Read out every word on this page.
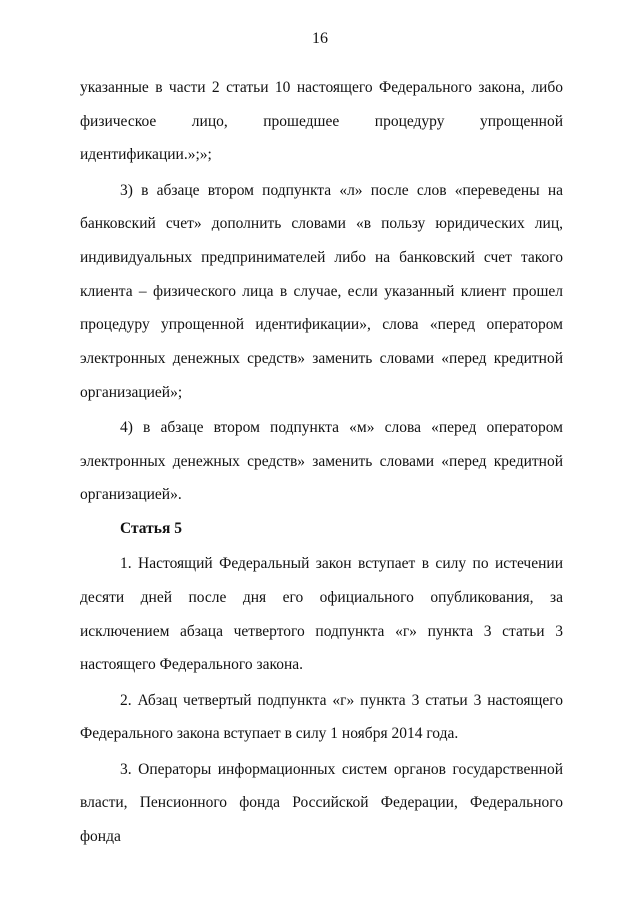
16

указанные в части 2 статьи 10 настоящего Федерального закона, либо физическое лицо, прошедшее процедуру упрощенной идентификации.»;»;

3) в абзаце втором подпункта «л» после слов «переведены на банковский счет» дополнить словами «в пользу юридических лиц, индивидуальных предпринимателей либо на банковский счет такого клиента – физического лица в случае, если указанный клиент прошел процедуру упрощенной идентификации», слова «перед оператором электронных денежных средств» заменить словами «перед кредитной организацией»;

4) в абзаце втором подпункта «м» слова «перед оператором электронных денежных средств» заменить словами «перед кредитной организацией».

Статья 5

1. Настоящий Федеральный закон вступает в силу по истечении десяти дней после дня его официального опубликования, за исключением абзаца четвертого подпункта «г» пункта 3 статьи 3 настоящего Федерального закона.

2. Абзац четвертый подпункта «г» пункта 3 статьи 3 настоящего Федерального закона вступает в силу 1 ноября 2014 года.

3. Операторы информационных систем органов государственной власти, Пенсионного фонда Российской Федерации, Федерального фонда
